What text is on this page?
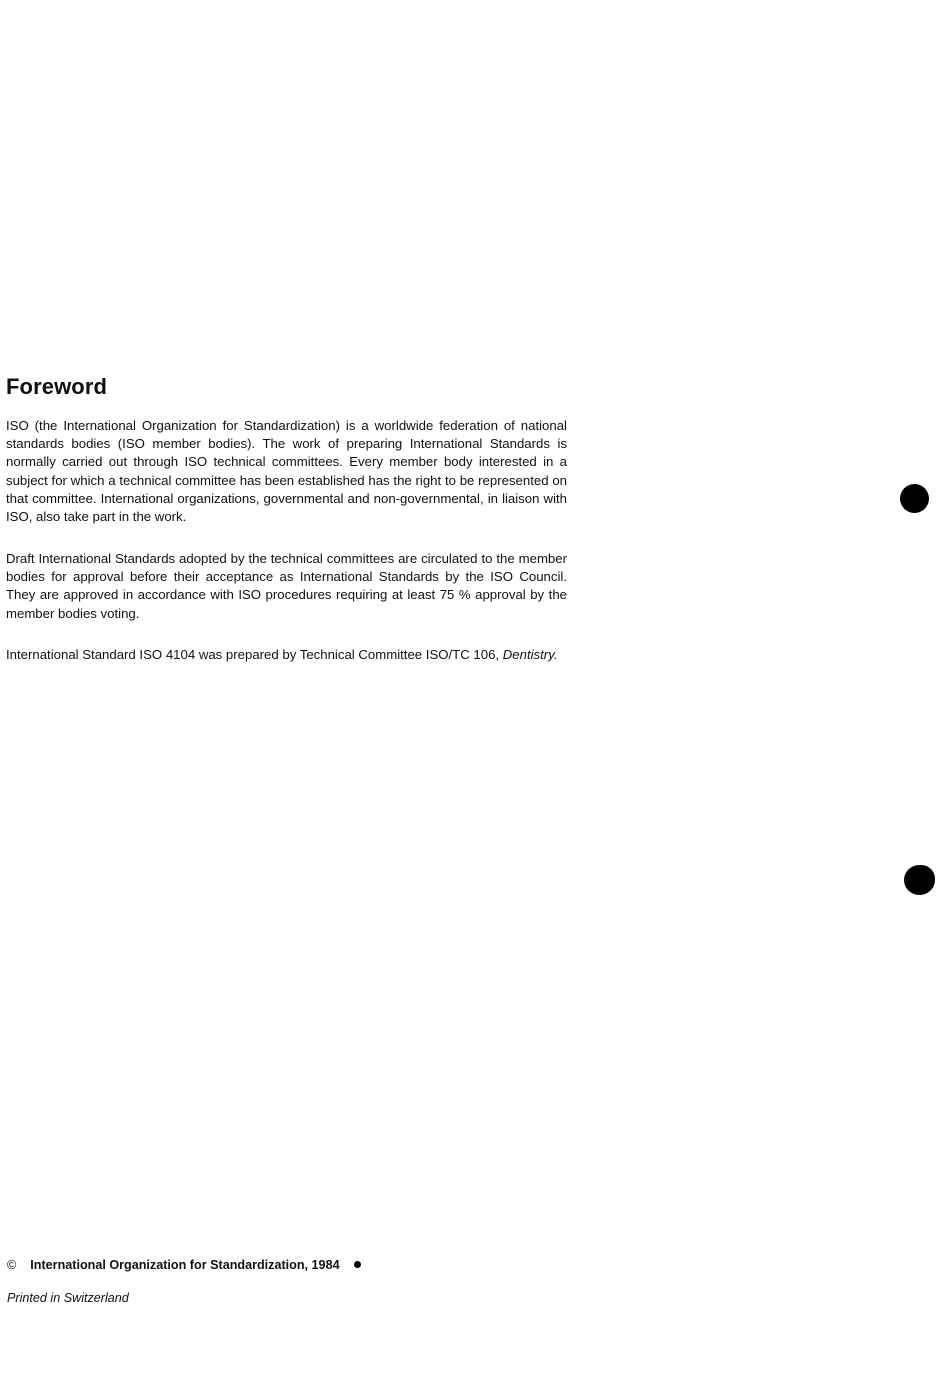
Foreword

ISO (the International Organization for Standardization) is a worldwide federation of national standards bodies (ISO member bodies). The work of preparing International Standards is normally carried out through ISO technical committees. Every member body interested in a subject for which a technical committee has been established has the right to be represented on that committee. International organizations, governmental and non-governmental, in liaison with ISO, also take part in the work.

Draft International Standards adopted by the technical committees are circulated to the member bodies for approval before their acceptance as International Standards by the ISO Council. They are approved in accordance with ISO procedures requiring at least 75 % approval by the member bodies voting.

International Standard ISO 4104 was prepared by Technical Committee ISO/TC 106, Dentistry.

© International Organization for Standardization, 1984
Printed in Switzerland
